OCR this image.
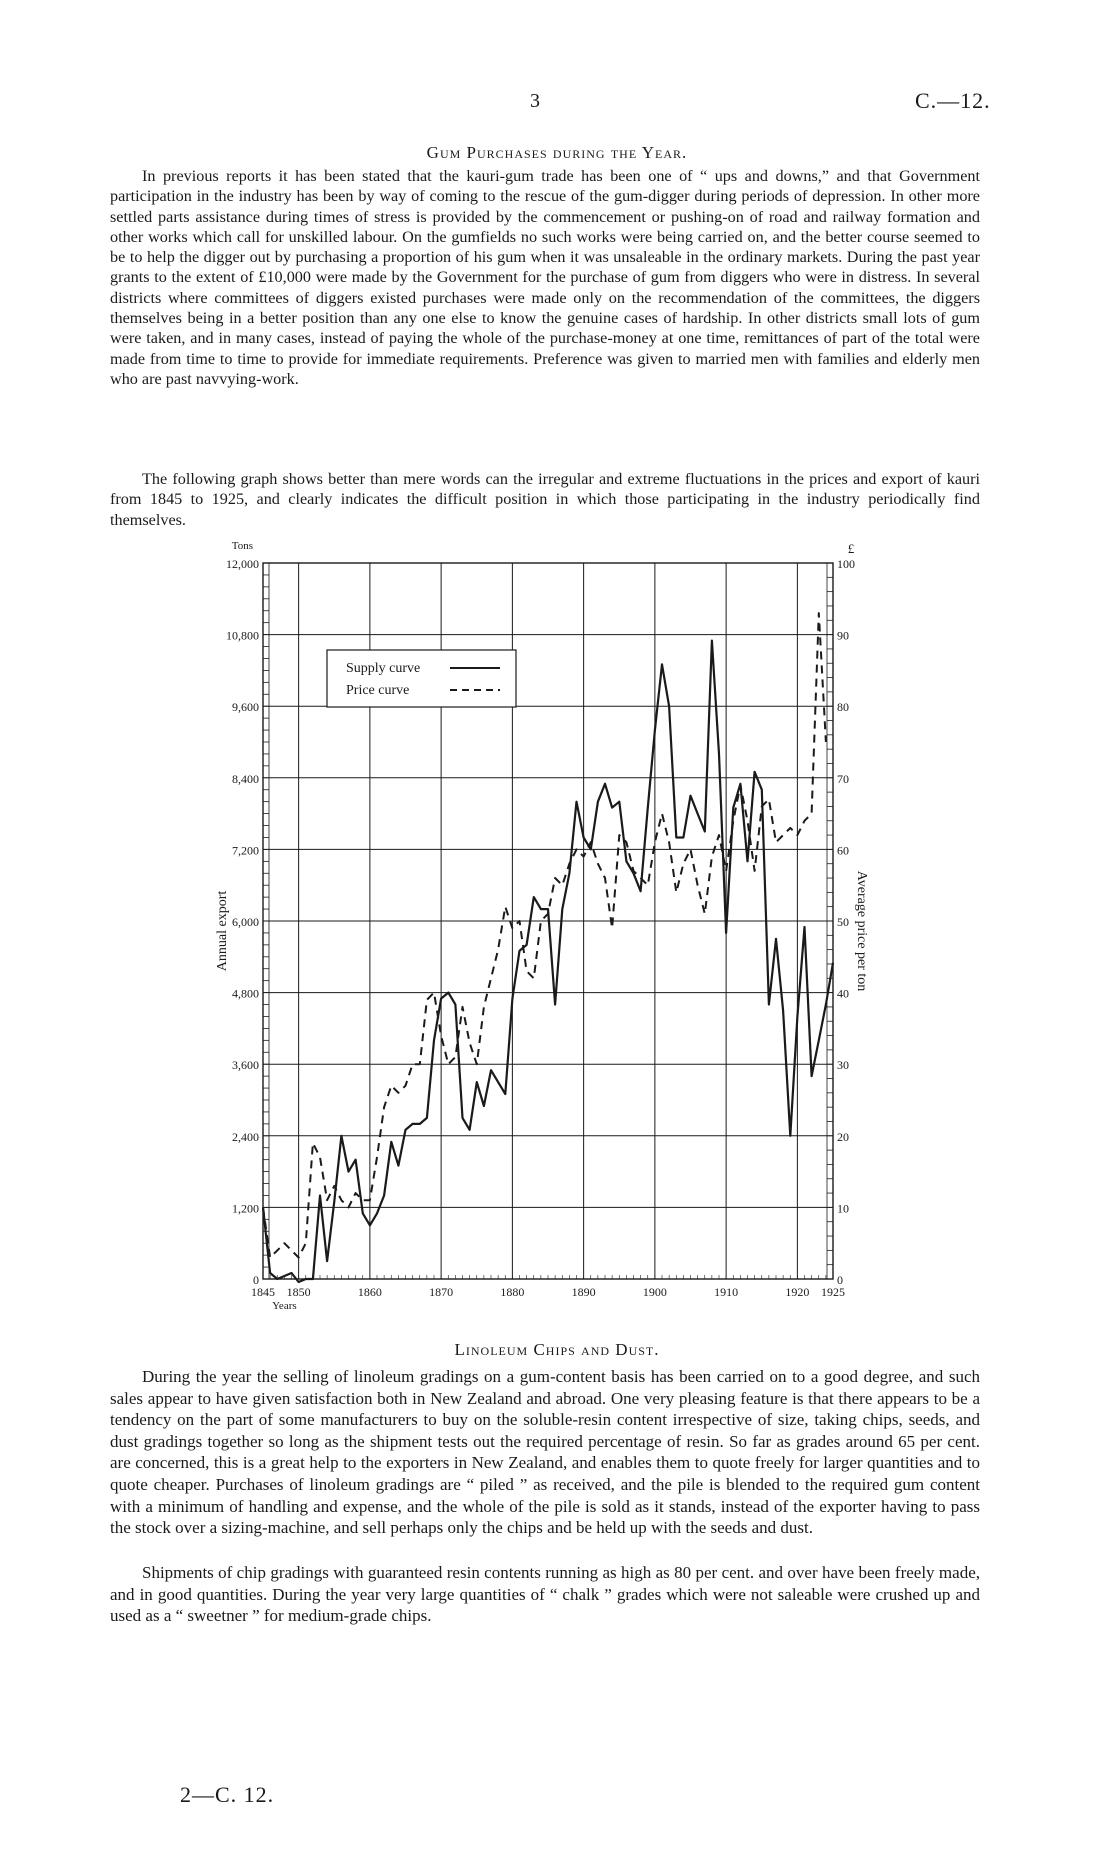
3	C.—12.
Gum Purchases during the Year.

In previous reports it has been stated that the kauri-gum trade has been one of “ ups and downs,” and that Government participation in the industry has been by way of coming to the rescue of the gum-digger during periods of depression. In other more settled parts assistance during times of stress is provided by the commencement or pushing-on of road and railway formation and other works which call for unskilled labour. On the gumfields no such works were being carried on, and the better course seemed to be to help the digger out by purchasing a proportion of his gum when it was unsaleable in the ordinary markets. During the past year grants to the extent of £10,000 were made by the Government for the purchase of gum from diggers who were in distress. In several districts where committees of diggers existed purchases were made only on the recommendation of the committees, the diggers themselves being in a better position than any one else to know the genuine cases of hardship. In other districts small lots of gum were taken, and in many cases, instead of paying the whole of the purchase-money at one time, remittances of part of the total were made from time to time to provide for immediate requirements. Preference was given to married men with families and elderly men who are past navvying-work.

The following graph shows better than mere words can the irregular and extreme fluctuations in the prices and export of kauri from 1845 to 1925, and clearly indicates the difficult position in which those participating in the industry periodically find themselves.

0
1,200
2,400
3,600
4,800
6,000
7,200
8,400
9,600
10,800
12,000
0
10
20
30
40
50
60
70
80
90
100
1845 1850	1860	1870	1880	1890	1900	1910	1920 1925
Tons	£
Years
Annual export	Average price per ton
Supply curve
Price curve
Linoleum Chips and Dust.

During the year the selling of linoleum gradings on a gum-content basis has been carried on to a good degree, and such sales appear to have given satisfaction both in New Zealand and abroad. One very pleasing feature is that there appears to be a tendency on the part of some manufacturers to buy on the soluble-resin content irrespective of size, taking chips, seeds, and dust gradings together so long as the shipment tests out the required percentage of resin. So far as grades around 65 per cent. are concerned, this is a great help to the exporters in New Zealand, and enables them to quote freely for larger quantities and to quote cheaper. Purchases of linoleum gradings are “ piled ” as received, and the pile is blended to the required gum content with a minimum of handling and expense, and the whole of the pile is sold as it stands, instead of the exporter having to pass the stock over a sizing-machine, and sell perhaps only the chips and be held up with the seeds and dust.

Shipments of chip gradings with guaranteed resin contents running as high as 80 per cent. and over have been freely made, and in good quantities. During the year very large quantities of “ chalk ” grades which were not saleable were crushed up and used as a “ sweetner ” for medium-grade chips.

2—C. 12.
